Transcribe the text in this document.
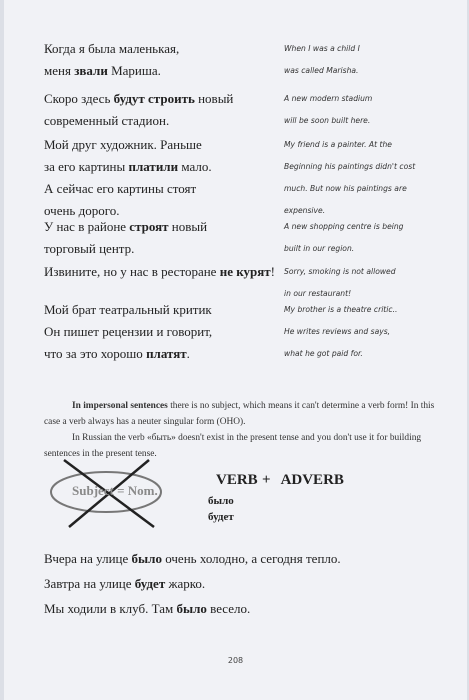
Когда я была маленькая,
меня звали Мариша.
When I was a child I
was called Marisha.
Скоро здесь будут строить новый
современный стадион.
A new modern stadium
will be soon built here.
Мой друг художник. Раньше
за его картины платили мало.
А сейчас его картины стоят
очень дорого.
My friend is a painter. At the
Beginning his paintings didn't cost
much. But now his paintings are
expensive.
У нас в районе строят новый
торговый центр.
A new shopping centre is being
built in our region.
Извините, но у нас в ресторане не курят! Sorry, smoking is not allowed
in our restaurant!
Мой брат театральный критик
Он пишет рецензии и говорит,
что за это хорошо платят.
My brother is a theatre critic..
He writes reviews and says,
what he got paid for.

In impersonal sentences there is no subject, which means it can't determine a verb form! In this case a verb always has a neuter singular form (ОНО).

In Russian the verb «быть» doesn't exist in the present tense and you don't use it for building sentences in the present tense.

Subject = Nom.
VERB + ADVERB
было
будет
Вчера на улице было очень холодно, а сегодня тепло.
Завтра на улице будет жарко.
Мы ходили в клуб. Там было весело.
208
